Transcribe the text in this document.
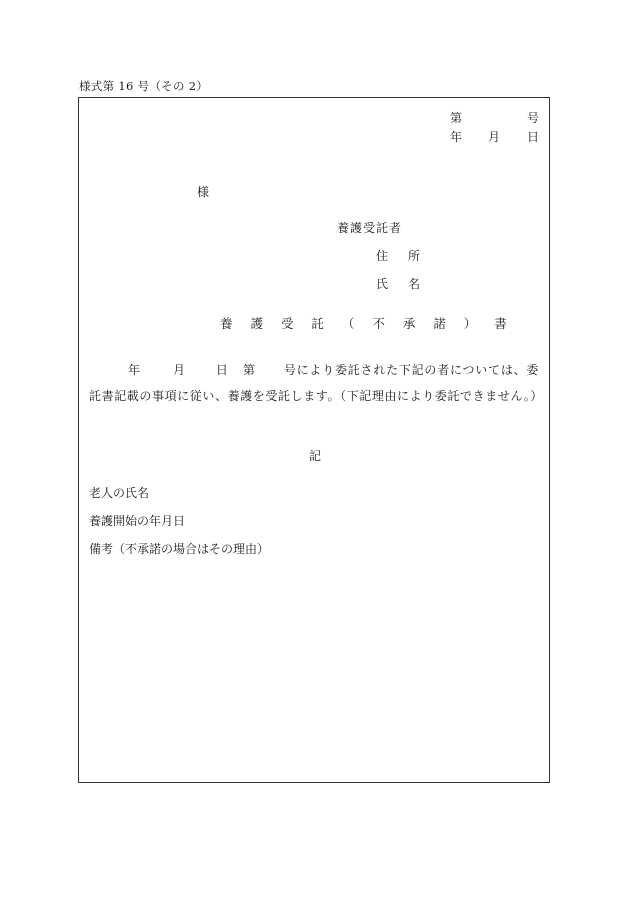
様式第 16 号（その 2）
第	号
年 月 日
様
養護受託者
住　所
氏　名
養 護 受 託 （ 不 承 諾 ） 書
年	月	日 第 号により委託された下記の者については、委託書記載の事項に従い、養護を受託します。（下記理由により委託できません。）
記
老人の氏名
養護開始の年月日
備考（不承諾の場合はその理由）
